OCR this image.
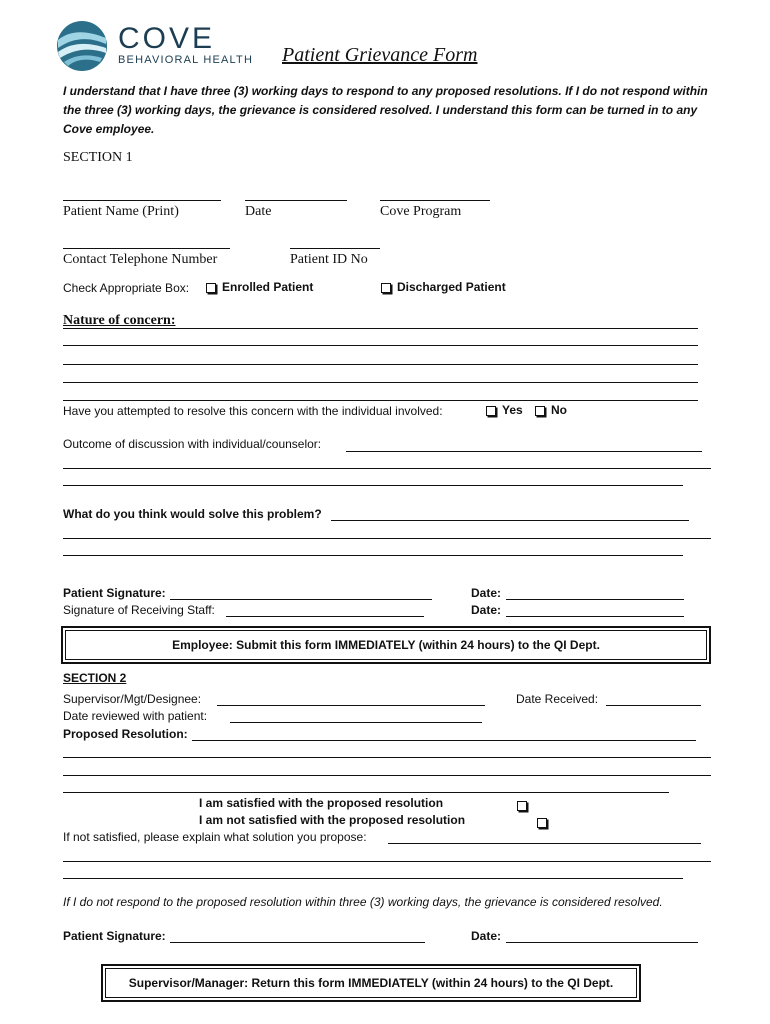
COVE
BEHAVIORAL HEALTH Patient Grievance Form
I understand that I have three (3) working days to respond to any proposed resolutions. If I do not respond within the three (3) working days, the grievance is considered resolved. I understand this form can be turned in to any Cove employee.
SECTION 1
Patient Name (Print)	Date	Cove Program
Contact Telephone Number	Patient ID No
Check Appropriate Box:	Enrolled Patient	Discharged Patient
Nature of concern:
Have you attempted to resolve this concern with the individual involved:	Yes	No
Outcome of discussion with individual/counselor:
What do you think would solve this problem?
Patient Signature:	Date:
Signature of Receiving Staff:	Date:
Employee: Submit this form IMMEDIATELY (within 24 hours) to the QI Dept.
SECTION 2
Supervisor/Mgt/Designee:	Date Received:
Date reviewed with patient:
Proposed Resolution:
I am satisfied with the proposed resolution

I am not satisfied with the proposed resolution
If not satisfied, please explain what solution you propose:
If I do not respond to the proposed resolution within three (3) working days, the grievance is considered resolved.
Patient Signature:	Date:
Supervisor/Manager: Return this form IMMEDIATELY (within 24 hours) to the QI Dept.
